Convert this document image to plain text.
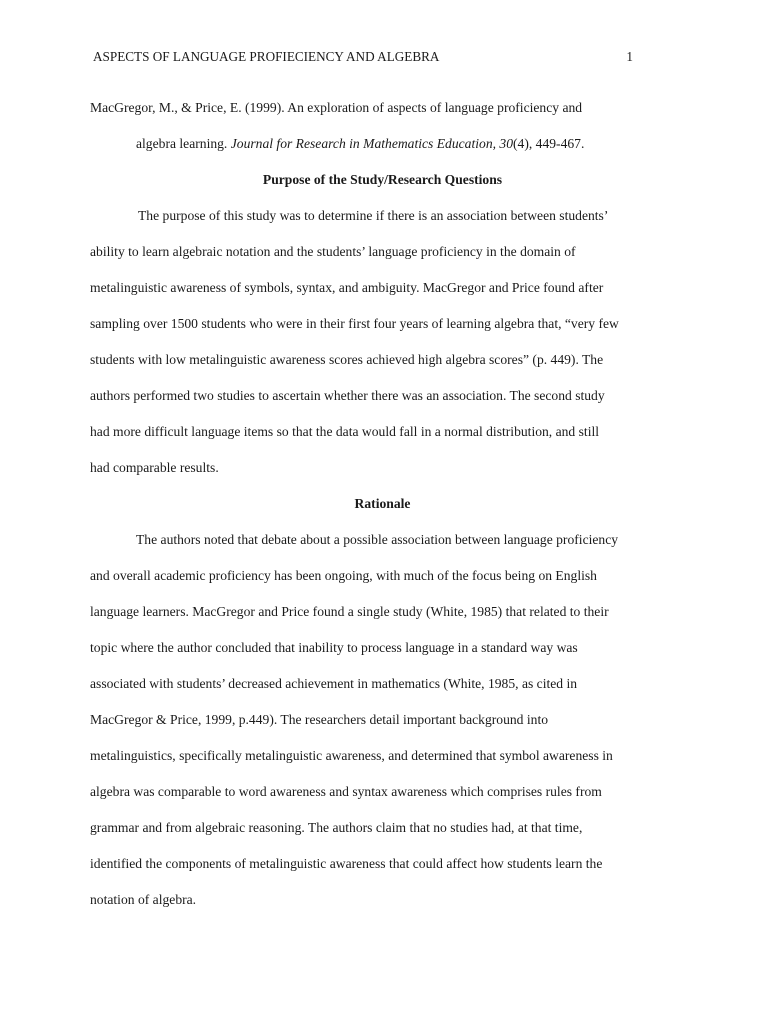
ASPECTS OF LANGUAGE PROFIECIENCY AND ALGEBRA	1
MacGregor, M., & Price, E. (1999). An exploration of aspects of language proficiency and
algebra learning. Journal for Research in Mathematics Education, 30(4), 449-467.
Purpose of the Study/Research Questions
The purpose of this study was to determine if there is an association between students’
ability to learn algebraic notation and the students’ language proficiency in the domain of
metalinguistic awareness of symbols, syntax, and ambiguity. MacGregor and Price found after
sampling over 1500 students who were in their first four years of learning algebra that, “very few
students with low metalinguistic awareness scores achieved high algebra scores” (p. 449). The
authors performed two studies to ascertain whether there was an association. The second study
had more difficult language items so that the data would fall in a normal distribution, and still
had comparable results.
Rationale
The authors noted that debate about a possible association between language proficiency
and overall academic proficiency has been ongoing, with much of the focus being on English
language learners. MacGregor and Price found a single study (White, 1985) that related to their
topic where the author concluded that inability to process language in a standard way was
associated with students’ decreased achievement in mathematics (White, 1985, as cited in
MacGregor & Price, 1999, p.449). The researchers detail important background into
metalinguistics, specifically metalinguistic awareness, and determined that symbol awareness in
algebra was comparable to word awareness and syntax awareness which comprises rules from
grammar and from algebraic reasoning. The authors claim that no studies had, at that time,
identified the components of metalinguistic awareness that could affect how students learn the
notation of algebra.
